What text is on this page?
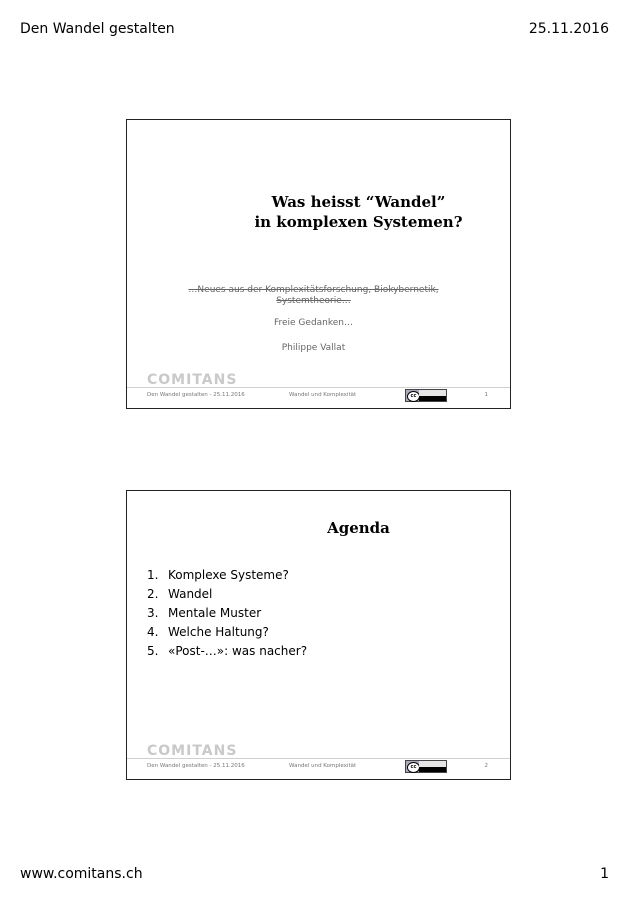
Den Wandel gestalten	25.11.2016
Was heisst “Wandel”
in komplexen Systemen?
…Neues aus der Komplexitätsforschung, Biokybernetik,
Systemtheorie…
Freie Gedanken…
Philippe Vallat
COMITANS
Den Wandel gestalten - 25.11.2016	Wandel und Komplexität	cc	1
Agenda
1. Komplexe Systeme?
2. Wandel
3. Mentale Muster
4. Welche Haltung?
5. «Post-…»: was nacher?
COMITANS
Den Wandel gestalten - 25.11.2016	Wandel und Komplexität	cc	2
www.comitans.ch	1
